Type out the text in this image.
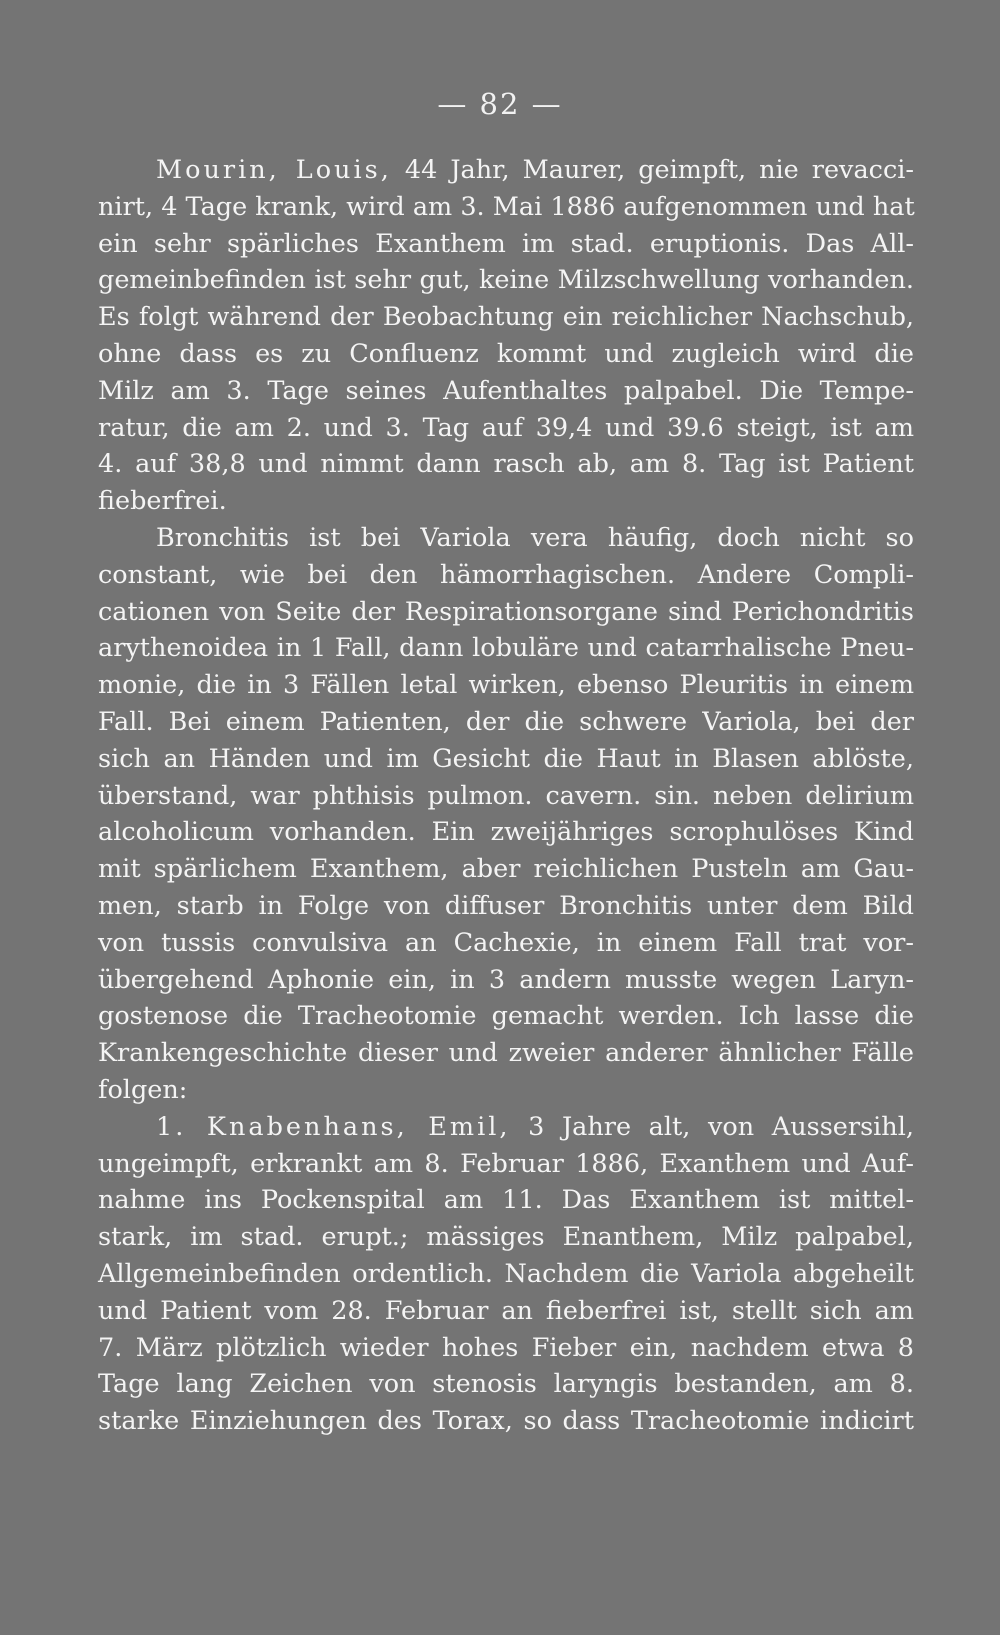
— 82 —
Mourin, Louis, 44 Jahr, Maurer, geimpft, nie revacci-
nirt, 4 Tage krank, wird am 3. Mai 1886 aufgenommen und hat
ein sehr spärliches Exanthem im stad. eruptionis. Das All-
gemeinbefinden ist sehr gut, keine Milzschwellung vorhanden.
Es folgt während der Beobachtung ein reichlicher Nachschub,
ohne dass es zu Confluenz kommt und zugleich wird die
Milz am 3. Tage seines Aufenthaltes palpabel. Die Tempe-
ratur, die am 2. und 3. Tag auf 39,4 und 39.6 steigt, ist am
4. auf 38,8 und nimmt dann rasch ab, am 8. Tag ist Patient
fieberfrei.
Bronchitis ist bei Variola vera häufig, doch nicht so
constant, wie bei den hämorrhagischen. Andere Compli-
cationen von Seite der Respirationsorgane sind Perichondritis
arythenoidea in 1 Fall, dann lobuläre und catarrhalische Pneu-
monie, die in 3 Fällen letal wirken, ebenso Pleuritis in einem
Fall. Bei einem Patienten, der die schwere Variola, bei der
sich an Händen und im Gesicht die Haut in Blasen ablöste,
überstand, war phthisis pulmon. cavern. sin. neben delirium
alcoholicum vorhanden. Ein zweijähriges scrophulöses Kind
mit spärlichem Exanthem, aber reichlichen Pusteln am Gau-
men, starb in Folge von diffuser Bronchitis unter dem Bild
von tussis convulsiva an Cachexie, in einem Fall trat vor-
übergehend Aphonie ein, in 3 andern musste wegen Laryn-
gostenose die Tracheotomie gemacht werden. Ich lasse die
Krankengeschichte dieser und zweier anderer ähnlicher Fälle
folgen:
1. Knabenhans, Emil, 3 Jahre alt, von Aussersihl,
ungeimpft, erkrankt am 8. Februar 1886, Exanthem und Auf-
nahme ins Pockenspital am 11. Das Exanthem ist mittel-
stark, im stad. erupt.; mässiges Enanthem, Milz palpabel,
Allgemeinbefinden ordentlich. Nachdem die Variola abgeheilt
und Patient vom 28. Februar an fieberfrei ist, stellt sich am
7. März plötzlich wieder hohes Fieber ein, nachdem etwa 8
Tage lang Zeichen von stenosis laryngis bestanden, am 8.
starke Einziehungen des Torax, so dass Tracheotomie indicirt
